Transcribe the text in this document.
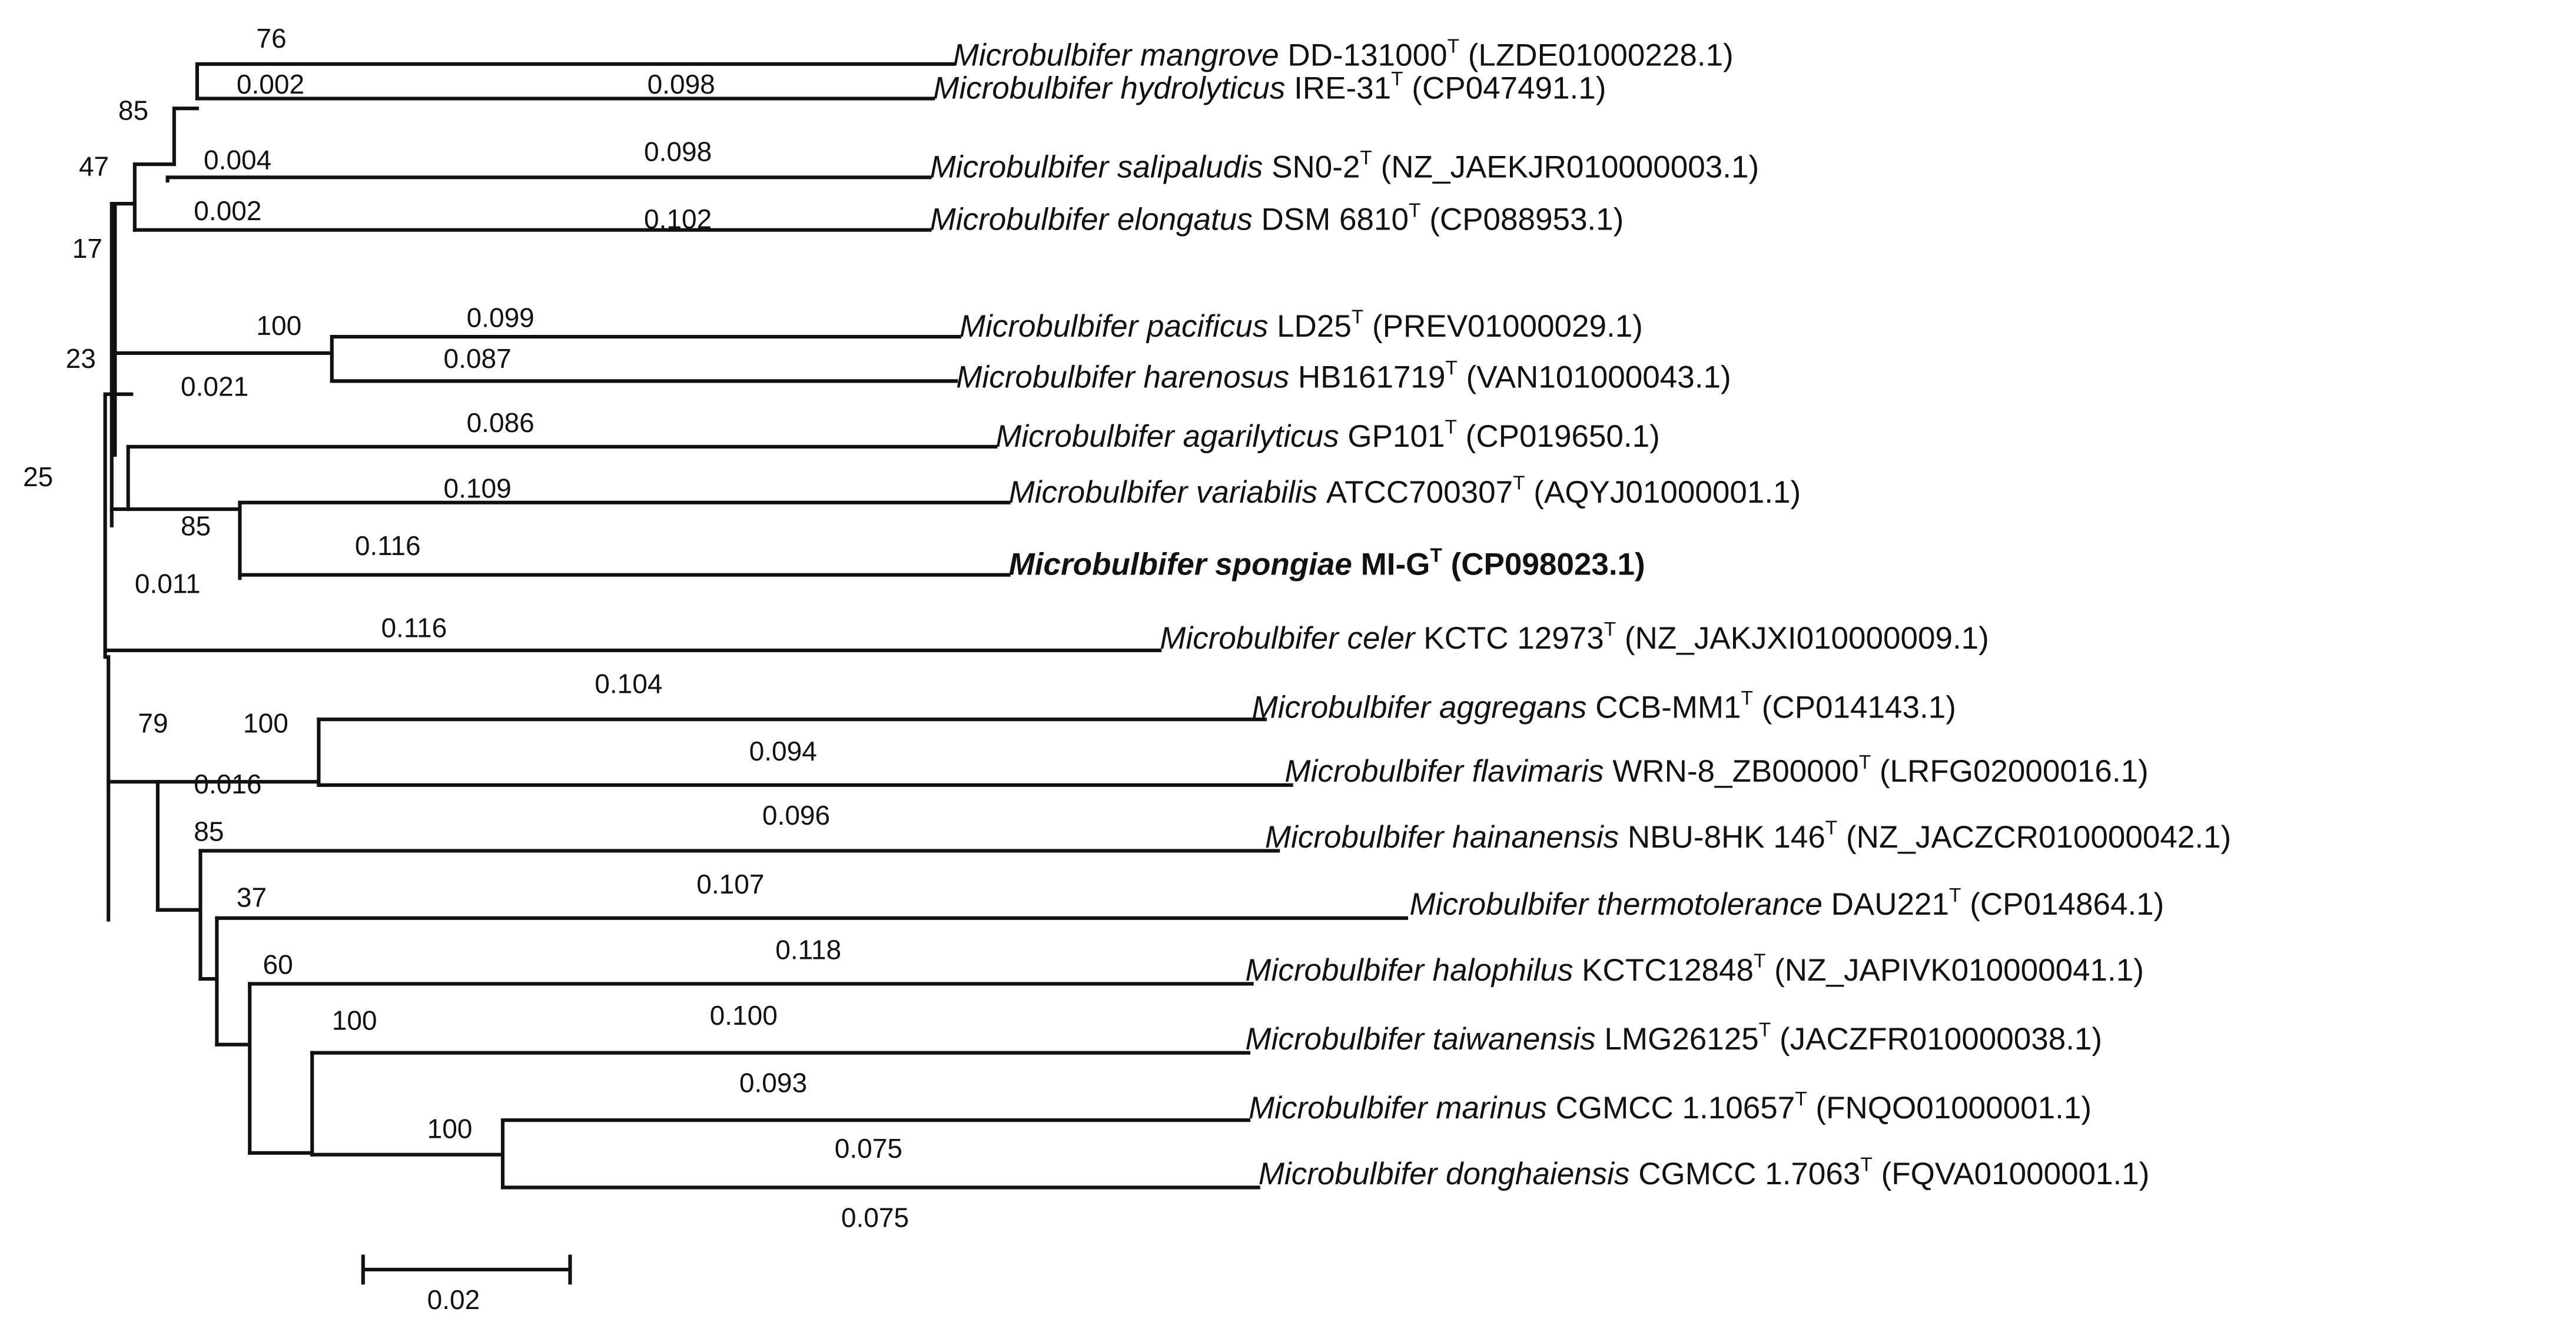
Microbulbifer mangrove $DD-131000^T$ (LZDE01000228.1)
Microbulbifer hydrolyticus IRE-$31^T$ (CP047491.1)
Microbulbifer salipaludis $SN0-2^T$ (NZ_JAEKJR010000003.1)
Microbulbifer elongatus DSM $6810^T$ (CP088953.1)
Microbulbifer pacificus $LD25^T$ (PREV01000029.1)
Microbulbifer harenosus $HB161719^T$ (VAN101000043.1)
Microbulbifer agarilyticus $GP101^T$ (CP019650.1)
Microbulbifer variabilis $ATCC700307^T$ (AQYJ01000001.1)
Microbulbifer spongiae $MI-G^T$ (CP098023.1)
Microbulbifer celer KCTC $12973^T$ (NZ_JAKJXI010000009.1)
Microbulbifer aggregans CCB-$MM1^T$ (CP014143.1)
Microbulbifer flavimaris WRN-$8\_ZB00000^T$ (LRFG02000016.1)
Microbulbifer hainanensis NBU-8HK $146^T$ (NZ_JACZCR010000042.1)
Microbulbifer thermotolerance $DAU221^T$ (CP014864.1)
Microbulbifer halophilus $KCTC12848^T$ (NZ_JAPIVK010000041.1)
Microbulbifer taiwanensis $LMG26125^T$ (JACZFR010000038.1)
Microbulbifer marinus CGMCC $1.10657^T$ (FNQO01000001.1)
Microbulbifer donghaiensis CGMCC $1.7063^T$ (FQVA01000001.1)
76
85
47
17
23
25
100
85
79	100
85
37
60
100
100
0.002	0.098
0.004	0.098
0.002	0.102
0.099
0.087
0.021
0.086
0.109
0.116
0.011
0.116
0.104
0.094
0.016
0.096
0.107
0.118
0.100
0.093
0.075
0.075
0.02
